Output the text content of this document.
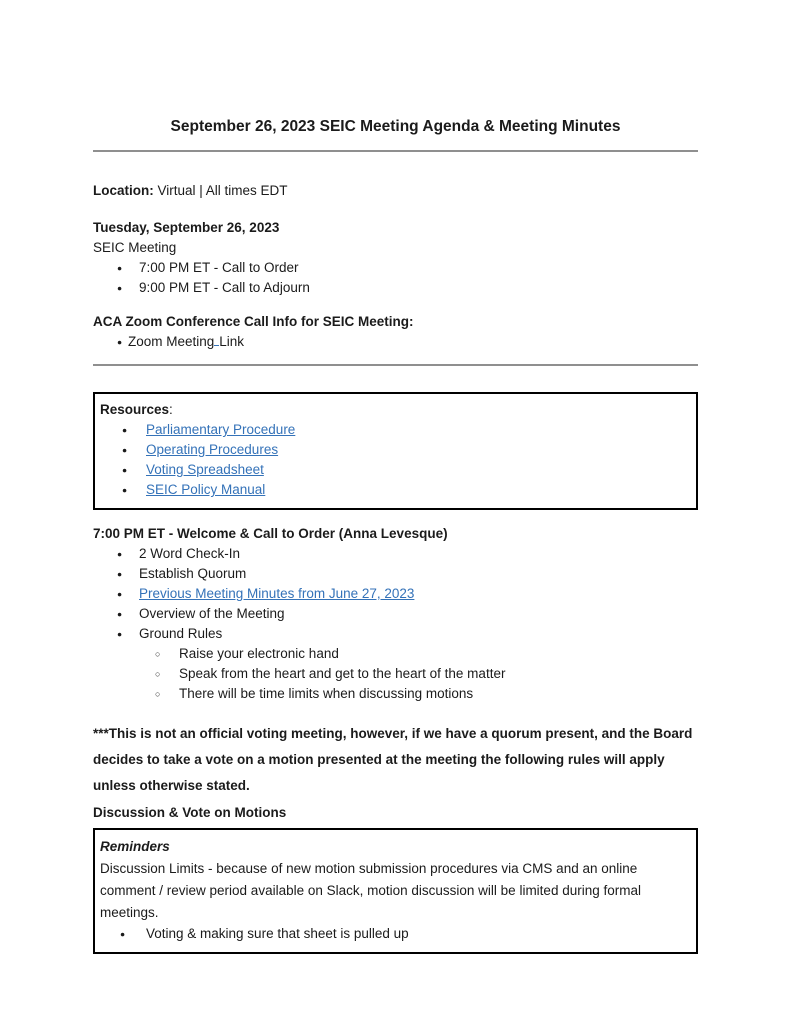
September 26, 2023 SEIC Meeting Agenda & Meeting Minutes
Location: Virtual | All times EDT
Tuesday, September 26, 2023
SEIC Meeting
●	7:00 PM ET - Call to Order
●	9:00 PM ET - Call to Adjourn
ACA Zoom Conference Call Info for SEIC Meeting:
● Zoom Meeting Link
Resources:
●	Parliamentary Procedure
●	Operating Procedures
●	Voting Spreadsheet
●	SEIC Policy Manual
7:00 PM ET - Welcome & Call to Order (Anna Levesque)
●	2 Word Check-In
●	Establish Quorum
●	Previous Meeting Minutes from June 27, 2023
●	Overview of the Meeting
●	Ground Rules
○	Raise your electronic hand
○	Speak from the heart and get to the heart of the matter
○	There will be time limits when discussing motions
***This is not an official voting meeting, however, if we have a quorum present, and the Board decides to take a vote on a motion presented at the meeting the following rules will apply unless otherwise stated.
Discussion & Vote on Motions
Reminders
Discussion Limits - because of new motion submission procedures via CMS and an online comment / review period available on Slack, motion discussion will be limited during formal meetings.
●	Voting & making sure that sheet is pulled up
